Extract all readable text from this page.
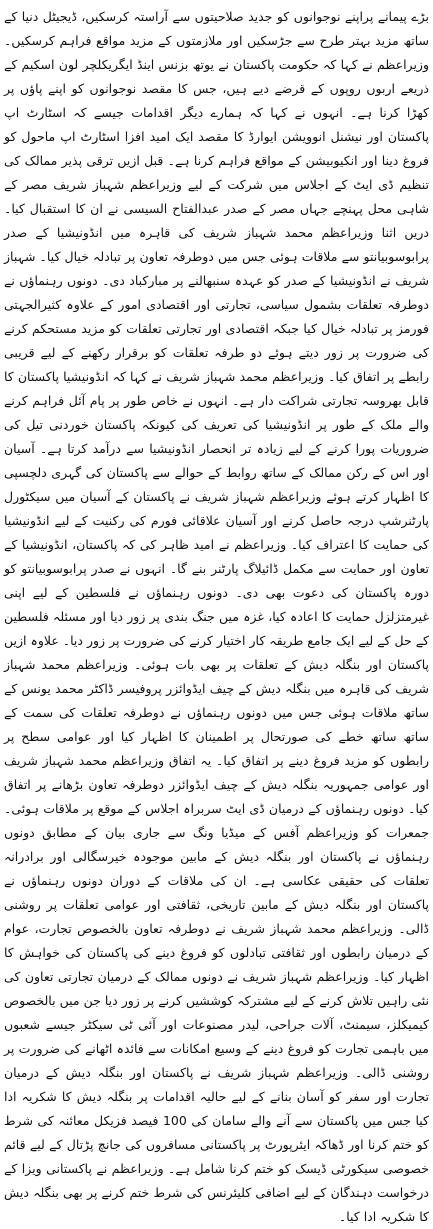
بڑے پیمانے پراپنے نوجوانوں کو جدید صلاحیتوں سے آراستہ کرسکیں، ڈیجیٹل دنیا کے ساتھ مزید بہتر طرح سے جڑسکیں اور ملازمتوں کے مزید مواقع فراہم کرسکیں۔ وزیراعظم نے کہا کہ حکومت پاکستان نے یوتھ بزنس اینڈ ایگریکلچر لون اسکیم کے ذریعے اربوں روپوں کے قرضے دیے ہیں، جس کا مقصد نوجوانوں کو اپنے پاؤں پر کھڑا کرنا ہے۔ انہوں نے کہا کہ ہمارے دیگر اقدامات جیسے کہ اسٹارٹ اپ پاکستان اور نیشنل انوویشن ایوارڈ کا مقصد ایک امید افزا اسٹارٹ اپ ماحول کو فروغ دینا اور انکیوبیشن کے مواقع فراہم کرنا ہے۔ قبل ازیں ترقی پذیر ممالک کی تنظیم ڈی ایٹ کے اجلاس میں شرکت کے لیے وزیراعظم شہباز شریف مصر کے شاہی محل پہنچے جہاں مصر کے صدر عبدالفتاح السیسی نے ان کا استقبال کیا۔ دریں اثنا وزیراعظم محمد شہباز شریف کی قاہرہ میں انڈونیشیا کے صدر پرابوسوبیانتو سے ملاقات ہوئی جس میں دوطرفہ تعاون پر تبادلہ خیال کیا۔ شہباز شریف نے انڈونیشیا کے صدر کو عہدہ سنبھالنے پر مبارکباد دی۔ دونوں رہنماؤں نے دوطرفہ تعلقات بشمول سیاسی، تجارتی اور اقتصادی امور کے علاوہ کثیرالجہتی فورمز پر تبادلہ خیال کیا جبکہ اقتصادی اور تجارتی تعلقات کو مزید مستحکم کرنے کی ضرورت پر زور دیتے ہوئے دو طرفہ تعلقات کو برقرار رکھنے کے لیے قریبی رابطے پر اتفاق کیا۔ وزیراعظم محمد شہباز شریف نے کہا کہ انڈونیشیا پاکستان کا قابل بھروسہ تجارتی شراکت دار ہے۔ انہوں نے خاص طور پر پام آئل فراہم کرنے والے ملک کے طور پر انڈونیشیا کی تعریف کی کیونکہ پاکستان خوردنی تیل کی ضروریات پورا کرنے کے لیے زیادہ تر انحصار انڈونیشیا سے درآمد کرتا ہے۔ آسیان اور اس کے رکن ممالک کے ساتھ روابط کے حوالے سے پاکستان کی گہری دلچسپی کا اظہار کرتے ہوئے وزیراعظم شہباز شریف نے پاکستان کے آسیان میں سیکٹورل پارٹنرشپ درجہ حاصل کرنے اور آسیان علاقائی فورم کی رکنیت کے لیے انڈونیشیا کی حمایت کا اعتراف کیا۔ وزیراعظم نے امید ظاہر کی کہ پاکستان، انڈونیشیا کے تعاون اور حمایت سے مکمل ڈائیلاگ پارٹنر بنے گا۔ انہوں نے صدر پرابوسوبیانتو کو دورہ پاکستان کی دعوت بھی دی۔ دونوں رہنماؤں نے فلسطین کے لیے اپنی غیرمتزلزل حمایت کا اعادہ کیا، غزہ میں جنگ بندی پر زور دیا اور مسئلہ فلسطین کے حل کے لیے ایک جامع طریقہ کار اختیار کرنے کی ضرورت پر زور دیا۔ علاوہ ازیں پاکستان اور بنگلہ دیش کے تعلقات پر بھی بات ہوئی۔ وزیراعظم محمد شہباز شریف کی قاہرہ میں بنگلہ دیش کے چیف ایڈوائزر پروفیسر ڈاکٹر محمد یونس کے ساتھ ملاقات ہوئی جس میں دونوں رہنماؤں نے دوطرفہ تعلقات کی سمت کے ساتھ ساتھ خطے کی صورتحال پر اطمینان کا اظہار کیا اور عوامی سطح پر رابطوں کو مزید فروغ دینے پر اتفاق کیا۔ یہ اتفاق وزیراعظم محمد شہباز شریف اور عوامی جمہوریہ بنگلہ دیش کے چیف ایڈوائزر دوطرفہ تعاون بڑھانے پر اتفاق کیا۔ دونوں رہنماؤں کے درمیان ڈی ایٹ سربراہ اجلاس کے موقع پر ملاقات ہوئی۔ جمعرات کو وزیراعظم آفس کے میڈیا ونگ سے جاری بیان کے مطابق دونوں رہنماؤں نے پاکستان اور بنگلہ دیش کے مابین موجودہ خیرسگالی اور برادرانہ تعلقات کی حقیقی عکاسی ہے۔ ان کی ملاقات کے دوران دونوں رہنماؤں نے پاکستان اور بنگلہ دیش کے مابین تاریخی، ثقافتی اور عوامی تعلقات پر روشنی ڈالی۔ وزیراعظم محمد شہباز شریف نے دوطرفہ تعاون بالخصوص تجارت، عوام کے درمیان رابطوں اور ثقافتی تبادلوں کو فروغ دینے کی پاکستان کی خواہش کا اظہار کیا۔ وزیراعظم شہباز شریف نے دونوں ممالک کے درمیان تجارتی تعاون کی نئی راہیں تلاش کرنے کے لیے مشترکہ کوششیں کرنے پر زور دیا جن میں بالخصوص کیمیکلز، سیمنٹ، آلات جراحی، لیدر مصنوعات اور آئی ٹی سیکٹر جیسے شعبوں میں باہمی تجارت کو فروغ دینے کے وسیع امکانات سے فائدہ اٹھانے کی ضرورت پر روشنی ڈالی۔ وزیراعظم شہباز شریف نے پاکستان اور بنگلہ دیش کے درمیان تجارت اور سفر کو آسان بنانے کے لیے حالیہ اقدامات پر بنگلہ دیش کا شکریہ ادا کیا جس میں پاکستان سے آنے والے سامان کی 100 فیصد فزیکل معائنہ کی شرط کو ختم کرنا اور ڈھاکہ ایئرپورٹ پر پاکستانی مسافروں کی جانچ پڑتال کے لیے قائم خصوصی سیکورٹی ڈیسک کو ختم کرنا شامل ہے۔ وزیراعظم نے پاکستانی ویزا کے درخواست دہندگان کے لیے اضافی کلیئرنس کی شرط ختم کرنے پر بھی بنگلہ دیش کا شکریہ ادا کیا۔
